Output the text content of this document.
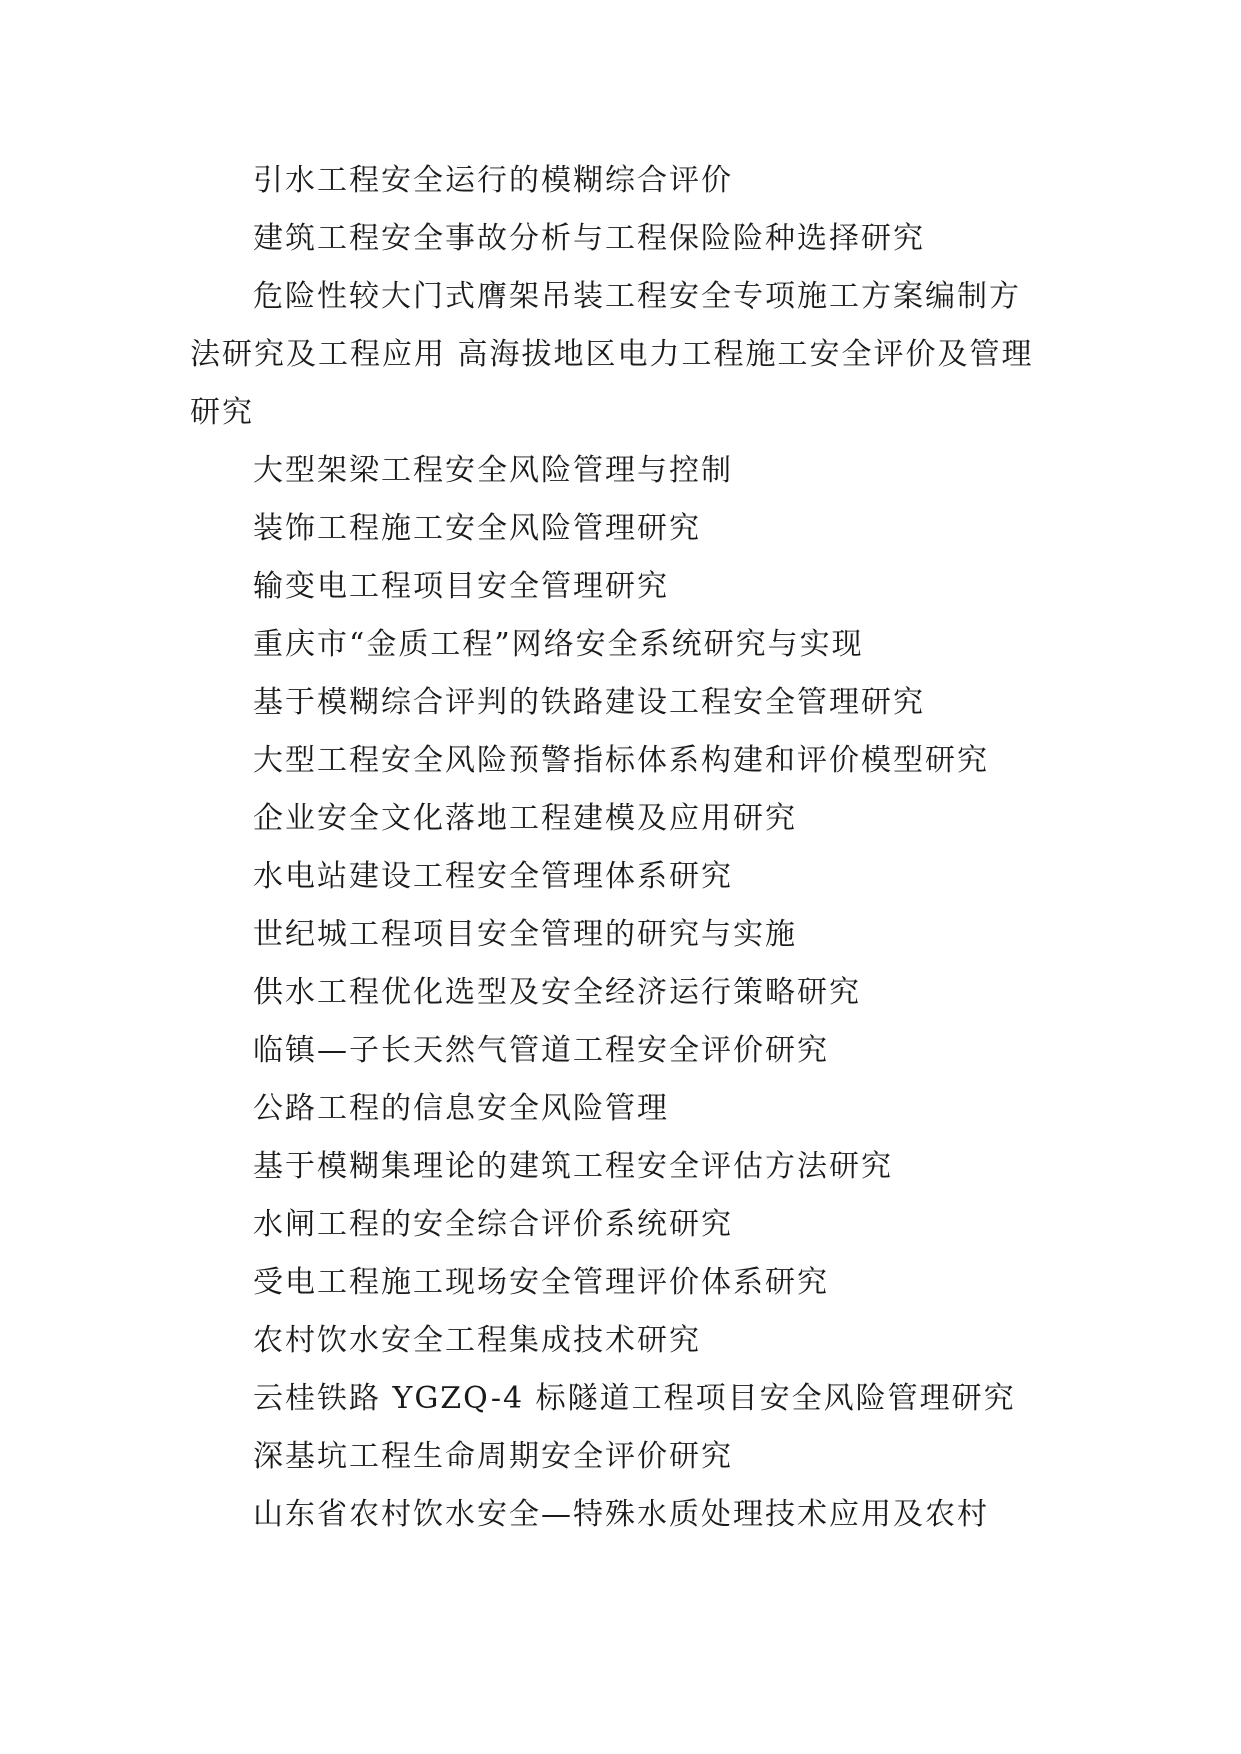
引水工程安全运行的模糊综合评价

建筑工程安全事故分析与工程保险险种选择研究

危险性较大门式膺架吊装工程安全专项施工方案编制方法研究及工程应用 高海拔地区电力工程施工安全评价及管理研究

大型架梁工程安全风险管理与控制

装饰工程施工安全风险管理研究

输变电工程项目安全管理研究

重庆市“金质工程”网络安全系统研究与实现

基于模糊综合评判的铁路建设工程安全管理研究

大型工程安全风险预警指标体系构建和评价模型研究

企业安全文化落地工程建模及应用研究

水电站建设工程安全管理体系研究

世纪城工程项目安全管理的研究与实施

供水工程优化选型及安全经济运行策略研究

临镇—子长天然气管道工程安全评价研究

公路工程的信息安全风险管理

基于模糊集理论的建筑工程安全评估方法研究

水闸工程的安全综合评价系统研究

受电工程施工现场安全管理评价体系研究

农村饮水安全工程集成技术研究

云桂铁路 YGZQ-4 标隧道工程项目安全风险管理研究

深基坑工程生命周期安全评价研究

山东省农村饮水安全—特殊水质处理技术应用及农村
